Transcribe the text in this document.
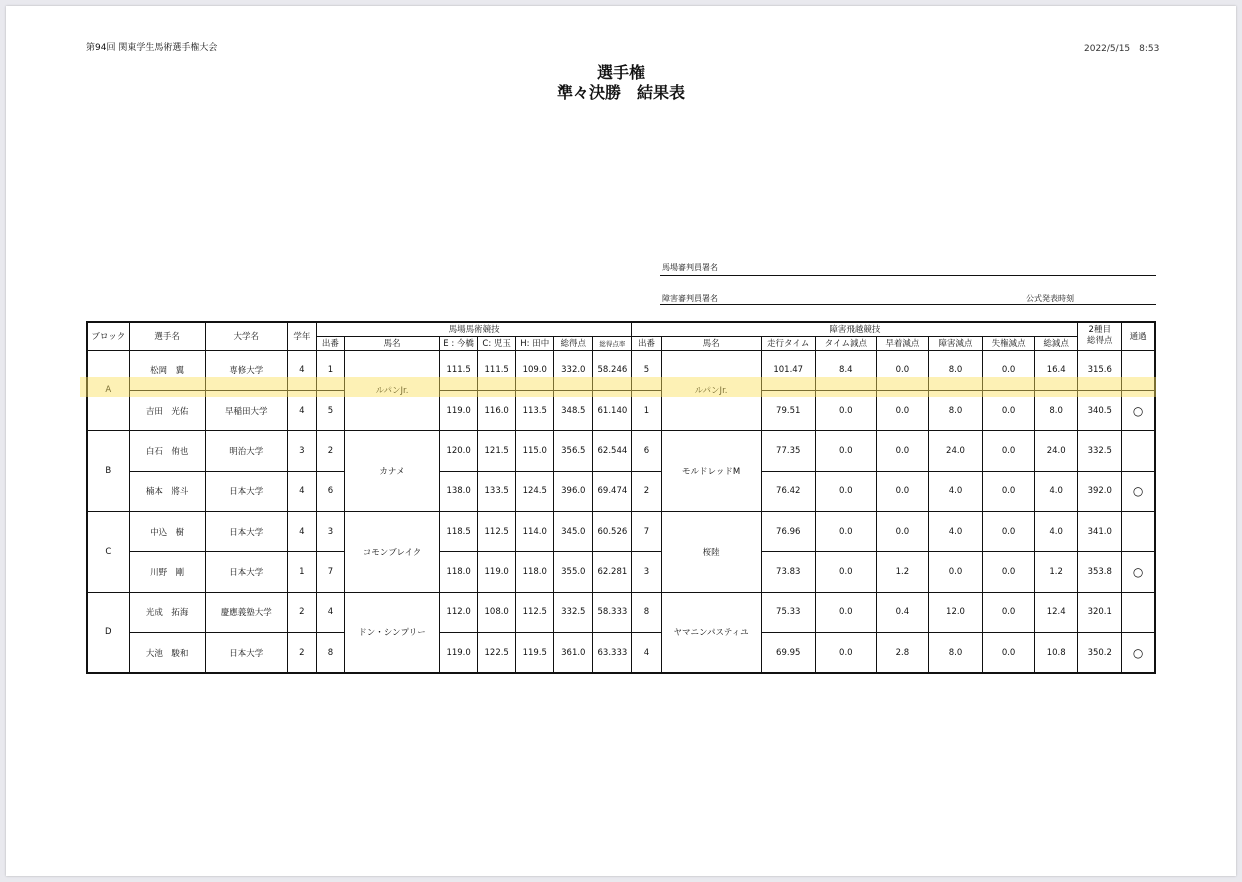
第94回 関東学生馬術選手権大会	2022/5/15　8:53
選手権
準々決勝　結果表
馬場審判員署名
障害審判員署名	公式発表時刻
ブロック	選手名	大学名	学年	馬場馬術競技							障害飛越競技								2種目
総得点	通過
				出番	馬名	E : 今橋	C: 児玉	H: 田中	総得点	総得点率	出番	馬名	走行タイム	タイム減点	早着減点	障害減点	失権減点	総減点		
A	松岡　翼	専修大学	4	1	ルパンJr.	111.5	111.5	109.0	332.0	58.246	5	ルパンJr.	101.47	8.4	0.0	8.0	0.0	16.4	315.6	
	吉田　光佑	早稲田大学	4	5		119.0	116.0	113.5	348.5	61.140	1		79.51	0.0	0.0	8.0	0.0	8.0	340.5	○
B	白石　侑也	明治大学	3	2	カナメ	120.0	121.5	115.0	356.5	62.544	6	モルドレッドM	77.35	0.0	0.0	24.0	0.0	24.0	332.5	
	楠本　將斗	日本大学	4	6		138.0	133.5	124.5	396.0	69.474	2		76.42	0.0	0.0	4.0	0.0	4.0	392.0	○
C	中込　樹	日本大学	4	3	コモンブレイク	118.5	112.5	114.0	345.0	60.526	7	桜陸	76.96	0.0	0.0	4.0	0.0	4.0	341.0	
	川野　剛	日本大学	1	7		118.0	119.0	118.0	355.0	62.281	3		73.83	0.0	1.2	0.0	0.0	1.2	353.8	○
D	光成　拓海	慶應義塾大学	2	4	ドン・シンプリー	112.0	108.0	112.5	332.5	58.333	8	ヤマニンパスティユ	75.33	0.0	0.4	12.0	0.0	12.4	320.1	
	大池　駿和	日本大学	2	8		119.0	122.5	119.5	361.0	63.333	4		69.95	0.0	2.8	8.0	0.0	10.8	350.2	○
